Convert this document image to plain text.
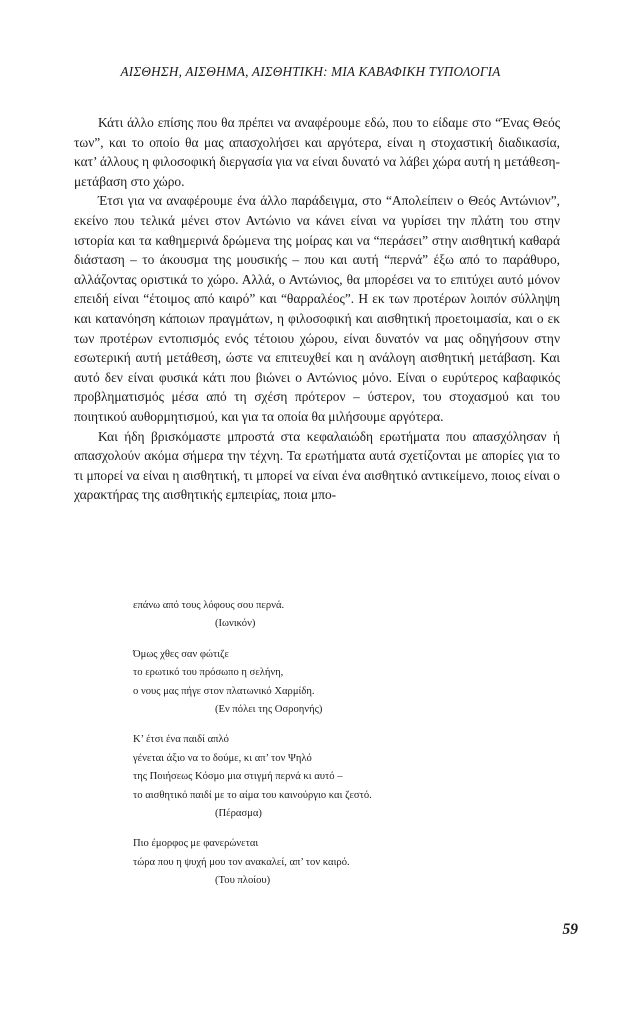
ΑΙΣΘΗΣΗ, ΑΙΣΘΗΜΑ, ΑΙΣΘΗΤΙΚΗ: ΜΙΑ ΚΑΒΑΦΙΚΗ ΤΥΠΟΛΟΓΙΑ

Κάτι άλλο επίσης που θα πρέπει να αναφέρουμε εδώ, που το είδαμε στο “Ένας Θεός των”, και το οποίο θα μας απασχολήσει και αργότερα, είναι η στοχαστική διαδικασία, κατ’ άλλους η φιλοσοφική διεργασία για να είναι δυνατό να λάβει χώρα αυτή η μετάθεση-μετάβαση στο χώρο.

Έτσι για να αναφέρουμε ένα άλλο παράδειγμα, στο “Απολείπειν ο Θεός Αντώνιον”, εκείνο που τελικά μένει στον Αντώνιο να κάνει είναι να γυρίσει την πλάτη του στην ιστορία και τα καθημερινά δρώμενα της μοίρας και να “περάσει” στην αισθητική καθαρά διάσταση – το άκουσμα της μουσικής – που και αυτή “περνά” έξω από το παράθυρο, αλλάζοντας οριστικά το χώρο. Αλλά, ο Αντώνιος, θα μπορέσει να το επιτύχει αυτό μόνον επειδή είναι “έτοιμος από καιρό” και “θαρραλέος”. Η εκ των προτέρων λοιπόν σύλληψη και κατανόηση κάποιων πραγμάτων, η φιλοσοφική και αισθητική προετοιμασία, και ο εκ των προτέρων εντοπισμός ενός τέτοιου χώρου, είναι δυνατόν να μας οδηγήσουν στην εσωτερική αυτή μετάθεση, ώστε να επιτευχθεί και η ανάλογη αισθητική μετάβαση. Και αυτό δεν είναι φυσικά κάτι που βιώνει ο Αντώνιος μόνο. Είναι ο ευρύτερος καβαφικός προβληματισμός μέσα από τη σχέση πρότερον – ύστερον, του στοχασμού και του ποιητικού αυθορμητισμού, και για τα οποία θα μιλήσουμε αργότερα.

Και ήδη βρισκόμαστε μπροστά στα κεφαλαιώδη ερωτήματα που απασχόλησαν ή απασχολούν ακόμα σήμερα την τέχνη. Τα ερωτήματα αυτά σχετίζονται με απορίες για το τι μπορεί να είναι η αισθητική, τι μπορεί να είναι ένα αισθητικό αντικείμενο, ποιος είναι ο χαρακτήρας της αισθητικής εμπειρίας, ποια μπο-

επάνω από τους λόφους σου περνά.
(Ιωνικόν)
Όμως χθες σαν φώτιζε
το ερωτικό του πρόσωπο η σελήνη,
ο νους μας πήγε στον πλατωνικό Χαρμίδη.
(Εν πόλει της Οσροηνής)
Κ’ έτσι ένα παιδί απλό
γένεται άξιο να το δούμε, κι απ’ τον Ψηλό
της Ποιήσεως Κόσμο μια στιγμή περνά κι αυτό –
το αισθητικό παιδί με το αίμα του καινούργιο και ζεστό.
(Πέρασμα)
Πιο έμορφος με φανερώνεται
τώρα που η ψυχή μου τον ανακαλεί, απ’ τον καιρό.
(Του πλοίου)
59
